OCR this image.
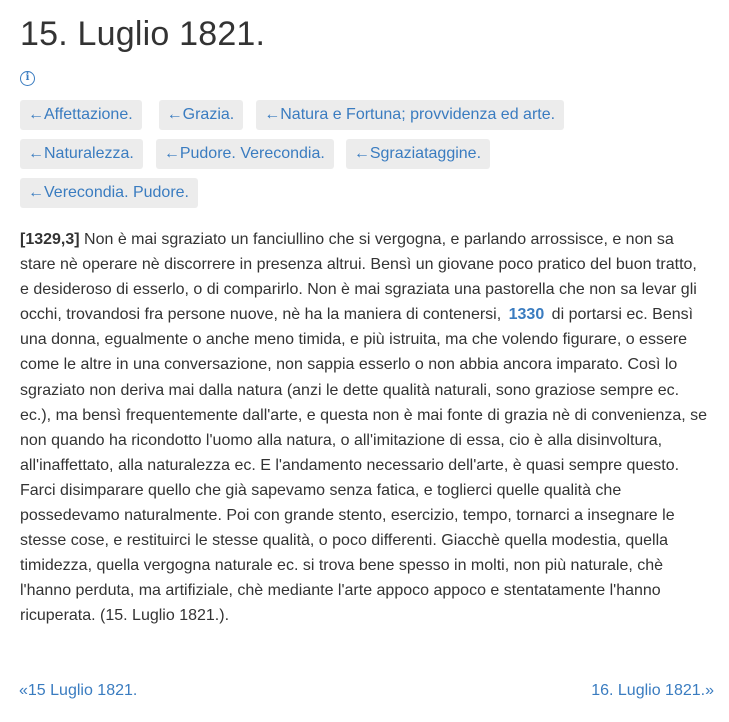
15. Luglio 1821.
i
←Affettazione.	←Grazia.	←Natura e Fortuna; provvidenza ed arte.
←Naturalezza.	←Pudore. Verecondia.	←Sgraziataggine.
←Verecondia. Pudore.

[1329,3] Non è mai sgraziato un fanciullino che si vergogna, e parlando arrossisce, e non sa stare nè operare nè discorrere in presenza altrui. Bensì un giovane poco pratico del buon tratto, e desideroso di esserlo, o di comparirlo. Non è mai sgraziata una pastorella che non sa levar gli occhi, trovandosi fra persone nuove, nè ha la maniera di contenersi, 1330 di portarsi ec. Bensì una donna, egualmente o anche meno timida, e più istruita, ma che volendo figurare, o essere come le altre in una conversazione, non sappia esserlo o non abbia ancora imparato. Così lo sgraziato non deriva mai dalla natura (anzi le dette qualità naturali, sono graziose sempre ec. ec.), ma bensì frequentemente dall'arte, e questa non è mai fonte di grazia nè di convenienza, se non quando ha ricondotto l'uomo alla natura, o all'imitazione di essa, cio è alla disinvoltura, all'inaffettato, alla naturalezza ec. E l'andamento necessario dell'arte, è quasi sempre questo. Farci disimparare quello che già sapevamo senza fatica, e toglierci quelle qualità che possedevamo naturalmente. Poi con grande stento, esercizio, tempo, tornarci a insegnare le stesse cose, e restituirci le stesse qualità, o poco differenti. Giacchè quella modestia, quella timidezza, quella vergogna naturale ec. si trova bene spesso in molti, non più naturale, chè l'hanno perduta, ma artifiziale, chè mediante l'arte appoco appoco e stentatamente l'hanno ricuperata. (15. Luglio 1821.).

«15 Luglio 1821.	16. Luglio 1821.»
